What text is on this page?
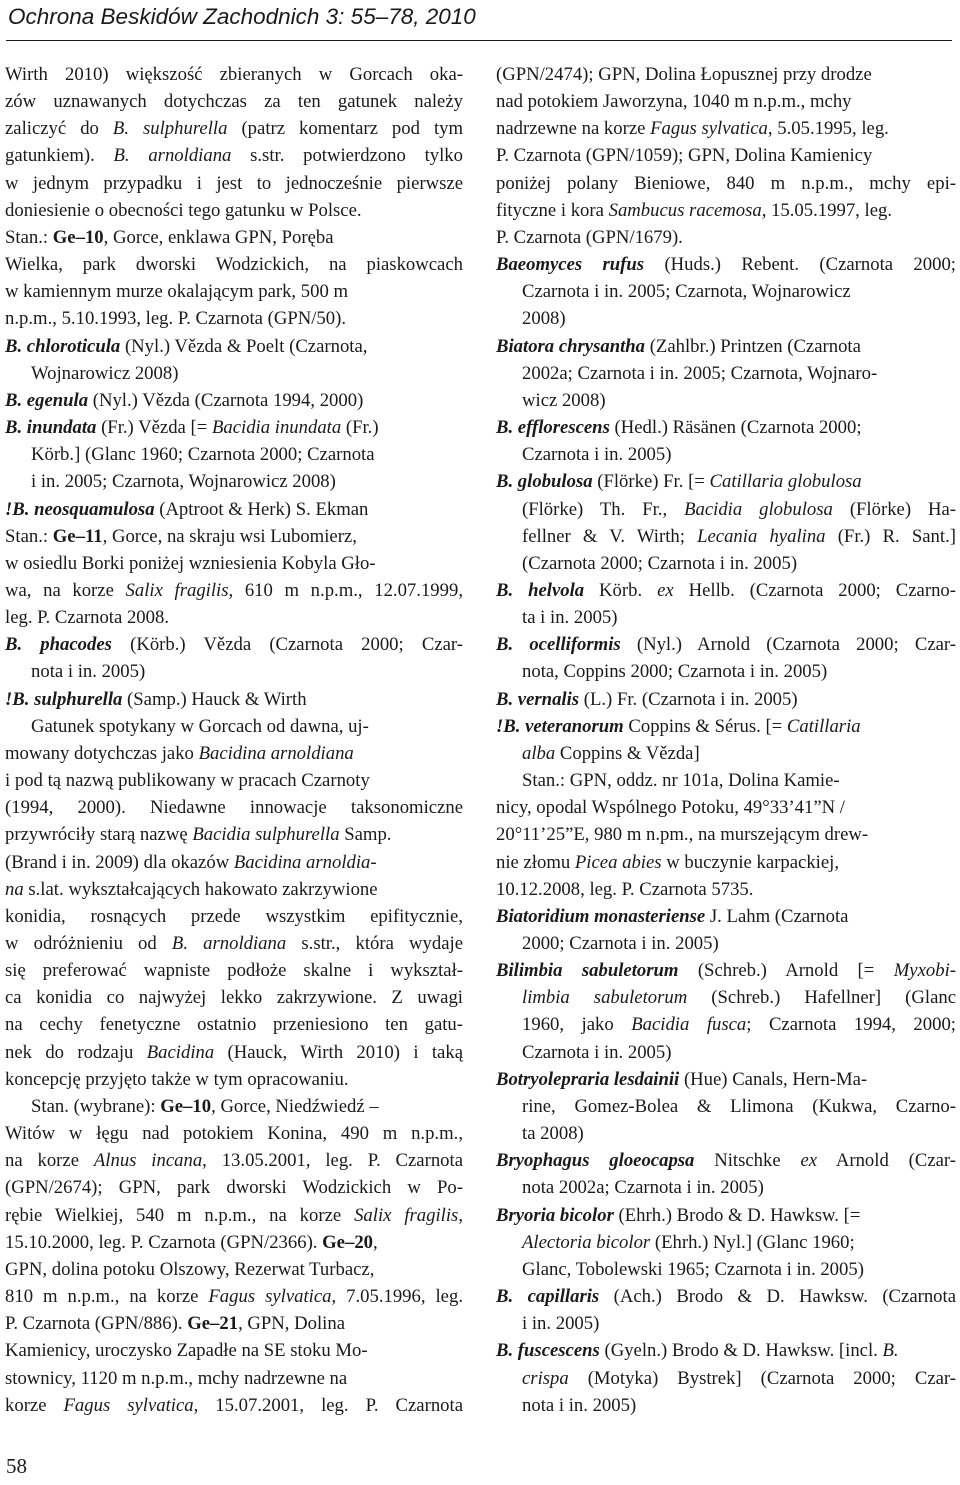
Ochrona Beskidów Zachodnich 3: 55–78, 2010

Wirth 2010) większość zbieranych w Gorcach oka-

zów uznawanych dotychczas za ten gatunek należy

zaliczyć do B. sulphurella (patrz komentarz pod tym

gatunkiem). B. arnoldiana s.str. potwierdzono tylko

w jednym przypadku i jest to jednocześnie pierwsze

doniesienie o obecności tego gatunku w Polsce.

Stan.: Ge–10, Gorce, enklawa GPN, Poręba

Wielka, park dworski Wodzickich, na piaskowcach

w kamiennym murze okalającym park, 500 m

n.p.m., 5.10.1993, leg. P. Czarnota (GPN/50).

B. chloroticula (Nyl.) Vězda & Poelt (Czarnota,

Wojnarowicz 2008)

B. egenula (Nyl.) Vězda (Czarnota 1994, 2000)

B. inundata (Fr.) Vězda [= Bacidia inundata (Fr.)

Körb.] (Glanc 1960; Czarnota 2000; Czarnota

i in. 2005; Czarnota, Wojnarowicz 2008)

!B. neosquamulosa (Aptroot & Herk) S. Ekman

Stan.: Ge–11, Gorce, na skraju wsi Lubomierz,

w osiedlu Borki poniżej wzniesienia Kobyla Gło-

wa, na korze Salix fragilis, 610 m n.p.m., 12.07.1999,

leg. P. Czarnota 2008.

B. phacodes (Körb.) Vězda (Czarnota 2000; Czar-

nota i in. 2005)

!B. sulphurella (Samp.) Hauck & Wirth

Gatunek spotykany w Gorcach od dawna, uj-

mowany dotychczas jako Bacidina arnoldiana

i pod tą nazwą publikowany w pracach Czarnoty

(1994, 2000). Niedawne innowacje taksonomiczne

przywróciły starą nazwę Bacidia sulphurella Samp.

(Brand i in. 2009) dla okazów Bacidina arnoldia-

na s.lat. wykształcających hakowato zakrzywione

konidia, rosnących przede wszystkim epifitycznie,

w odróżnieniu od B. arnoldiana s.str., która wydaje

się preferować wapniste podłoże skalne i wykształ-

ca konidia co najwyżej lekko zakrzywione. Z uwagi

na cechy fenetyczne ostatnio przeniesiono ten gatu-

nek do rodzaju Bacidina (Hauck, Wirth 2010) i taką

koncepcję przyjęto także w tym opracowaniu.

Stan. (wybrane): Ge–10, Gorce, Niedźwiedź –

Witów w łęgu nad potokiem Konina, 490 m n.p.m.,

na korze Alnus incana, 13.05.2001, leg. P. Czarnota

(GPN/2674); GPN, park dworski Wodzickich w Po-

rębie Wielkiej, 540 m n.p.m., na korze Salix fragilis,

15.10.2000, leg. P. Czarnota (GPN/2366). Ge–20,

GPN, dolina potoku Olszowy, Rezerwat Turbacz,

810 m n.p.m., na korze Fagus sylvatica, 7.05.1996, leg.

P. Czarnota (GPN/886). Ge–21, GPN, Dolina

Kamienicy, uroczysko Zapadłe na SE stoku Mo-

stownicy, 1120 m n.p.m., mchy nadrzewne na

korze Fagus sylvatica, 15.07.2001, leg. P. Czarnota

(GPN/2474); GPN, Dolina Łopusznej przy drodze

nad potokiem Jaworzyna, 1040 m n.p.m., mchy

nadrzewne na korze Fagus sylvatica, 5.05.1995, leg.

P. Czarnota (GPN/1059); GPN, Dolina Kamienicy

poniżej polany Bieniowe, 840 m n.p.m., mchy epi-

fityczne i kora Sambucus racemosa, 15.05.1997, leg.

P. Czarnota (GPN/1679).

Baeomyces rufus (Huds.) Rebent. (Czarnota 2000;

Czarnota i in. 2005; Czarnota, Wojnarowicz

2008)

Biatora chrysantha (Zahlbr.) Printzen (Czarnota

2002a; Czarnota i in. 2005; Czarnota, Wojnaro-

wicz 2008)

B. efflorescens (Hedl.) Räsänen (Czarnota 2000;

Czarnota i in. 2005)

B. globulosa (Flörke) Fr. [= Catillaria globulosa

(Flörke) Th. Fr., Bacidia globulosa (Flörke) Ha-

fellner & V. Wirth; Lecania hyalina (Fr.) R. Sant.]

(Czarnota 2000; Czarnota i in. 2005)

B. helvola Körb. ex Hellb. (Czarnota 2000; Czarno-

ta i in. 2005)

B. ocelliformis (Nyl.) Arnold (Czarnota 2000; Czar-

nota, Coppins 2000; Czarnota i in. 2005)

B. vernalis (L.) Fr. (Czarnota i in. 2005)

!B. veteranorum Coppins & Sérus. [= Catillaria

alba Coppins & Vězda]

Stan.: GPN, oddz. nr 101a, Dolina Kamie-

nicy, opodal Wspólnego Potoku, 49°33’41”N /

20°11’25”E, 980 m n.pm., na murszejącym drew-

nie złomu Picea abies w buczynie karpackiej,

10.12.2008, leg. P. Czarnota 5735.

Biatoridium monasteriense J. Lahm (Czarnota

2000; Czarnota i in. 2005)

Bilimbia sabuletorum (Schreb.) Arnold [= Myxobi-

limbia sabuletorum (Schreb.) Hafellner] (Glanc

1960, jako Bacidia fusca; Czarnota 1994, 2000;

Czarnota i in. 2005)

Botryolepraria lesdainii (Hue) Canals, Hern-Ma-

rine, Gomez-Bolea & Llimona (Kukwa, Czarno-

ta 2008)

Bryophagus gloeocapsa Nitschke ex Arnold (Czar-

nota 2002a; Czarnota i in. 2005)

Bryoria bicolor (Ehrh.) Brodo & D. Hawksw. [=

Alectoria bicolor (Ehrh.) Nyl.] (Glanc 1960;

Glanc, Tobolewski 1965; Czarnota i in. 2005)

B. capillaris (Ach.) Brodo & D. Hawksw. (Czarnota

i in. 2005)

B. fuscescens (Gyeln.) Brodo & D. Hawksw. [incl. B.

crispa (Motyka) Bystrek] (Czarnota 2000; Czar-

nota i in. 2005)

58
